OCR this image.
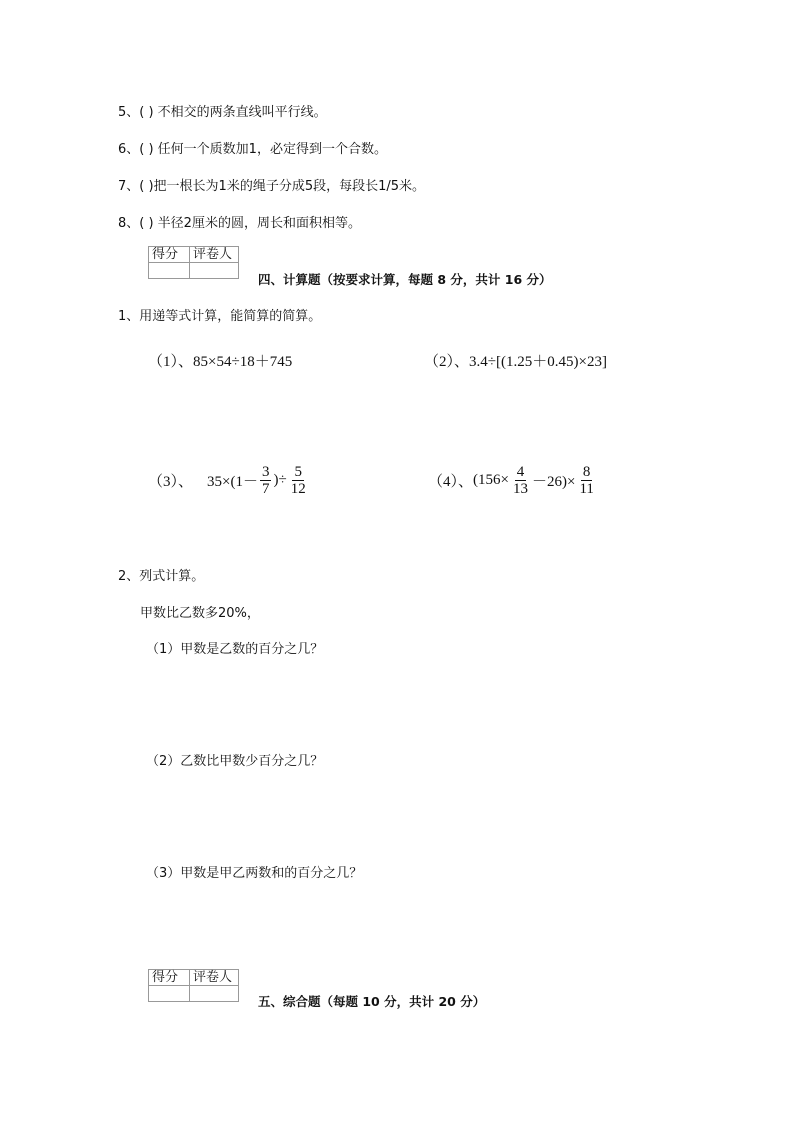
5、( ) 不相交的两条直线叫平行线。
6、( ) 任何一个质数加1，必定得到一个合数。
7、( )把一根长为1米的绳子分成5段，每段长1/5米。
8、( ) 半径2厘米的圆，周长和面积相等。
得分	评卷人

四、计算题（按要求计算，每题 8 分，共计 16 分）
1、用递等式计算，能简算的简算。
（1）、85×54÷18＋745	（2）、3.4÷[(1.25＋0.45)×23]
（3）、 $35\times(1- \frac{3}{7}$ )÷ $\frac{5}{12}$	（4）、 $(156\times \frac{4}{13} -26)\times \frac{8}{11}$
2、列式计算。
甲数比乙数多20%，
（1）甲数是乙数的百分之几？
（2）乙数比甲数少百分之几？
（3）甲数是甲乙两数和的百分之几？
得分	评卷人

五、综合题（每题 10 分，共计 20 分）
